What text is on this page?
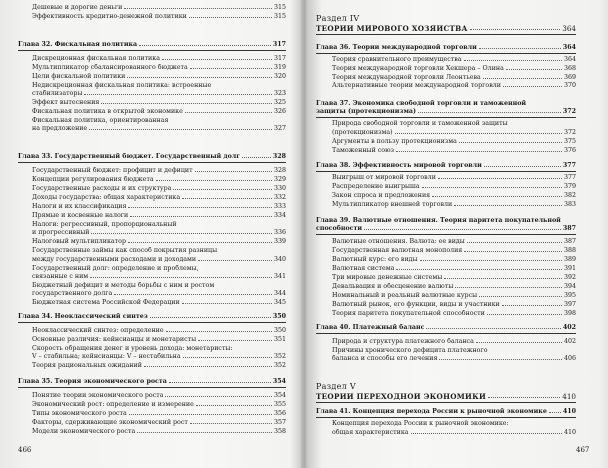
Дешевые и дорогие деньги	315
Эффективность кредитно-денежной политики	315
Глава 32. Фискальная политика	317
Дискреционная фискальная политика	317
Мультипликатор сбалансированного бюджета	319
Цели фискальной политики	320
Недискреционная фискальная политика: встроенные
стабилизаторы	323
Эффект вытеснения	325
Фискальная политика в открытой экономике	326
Фискальная политика, ориентированная
на предложение	327
Глава 33. Государственный бюджет. Государственный долг	328
Государственный бюджет: профицит и дефицит	328
Концепции регулирования бюджета	329
Государственные расходы и их структура	330
Доходы государства: общая характеристика	332
Налоги и их классификация	333
Прямые и косвенные налоги	334
Налоги: регрессивный, пропорциональный
и прогрессивный	336
Налоговый мультипликатор	339
Государственные займы как способ покрытия разницы
между государственными расходами и доходами	340
Государственный долг: определение и проблемы,
связанные с ним	341
Бюджетный дефицит и методы борьбы с ним и ростом
государственного долга	344
Бюджетная система Российской Федерации	345
Глава 34. Неоклассический синтез	350
Неоклассический синтез: определение	350
Основные различия: кейнсианцы и монетаристы	351
Скорость обращения денег и уровень дохода: монетаристы:
V – стабильна; кейнсианцы: V – нестабильна	352
Теория рациональных ожиданий	352
Глава 35. Теория экономического роста	354
Понятие теории экономического роста	354
Экономический рост: определение и измерение	355
Типы экономического роста	356
Факторы, сдерживающие экономический рост	357
Модели экономического роста	358
466
Раздел IV
ТЕОРИИ МИРОВОГО ХОЗЯЙСТВА	364
Раздел V
ТЕОРИИ ПЕРЕХОДНОЙ ЭКОНОМИКИ	410
Глава 36. Теории международной торговли	364
Теория сравнительного преимущества	364
Теория международной торговли Хекшера – Олина	368
Теория международной торговли Леонтьева	369
Альтернативные теории международной торговли	370
Глава 37. Экономика свободной торговли и таможенной
защиты (протекционизма)	372
Природа свободной торговли и таможенной защиты
(протекционизма)	372
Аргументы в пользу протекционизма	375
Таможенный союз	376
Глава 38. Эффективность мировой торговли	377
Выигрыш от мировой торговли	377
Распределение выигрыша	379
Закон спроса и предложения	382
Мультипликатор внешней торговли	383
Глава 39. Валютные отношения. Теория паритета покупательной
способности	387
Валютные отношения. Валюта: ее виды	387
Государственная валютная монополия	388
Валютный курс: его виды	389
Валютная система	391
Три мировые денежные системы	392
Девальвация и обесценение валюты	394
Номинальный и реальный валютные курсы	395
Валютный рынок, его функции, виды и участники	397
Теория паритета покупательной способности	398
Глава 40. Платежный баланс	402
Природа и структура платежного баланса	402
Причины хронического дефицита платежного
баланса и способы его лечения	406
Глава 41. Концепция перехода России к рыночной экономике	410
Концепция перехода России к рыночной экономике:
общая характеристика	410
467
